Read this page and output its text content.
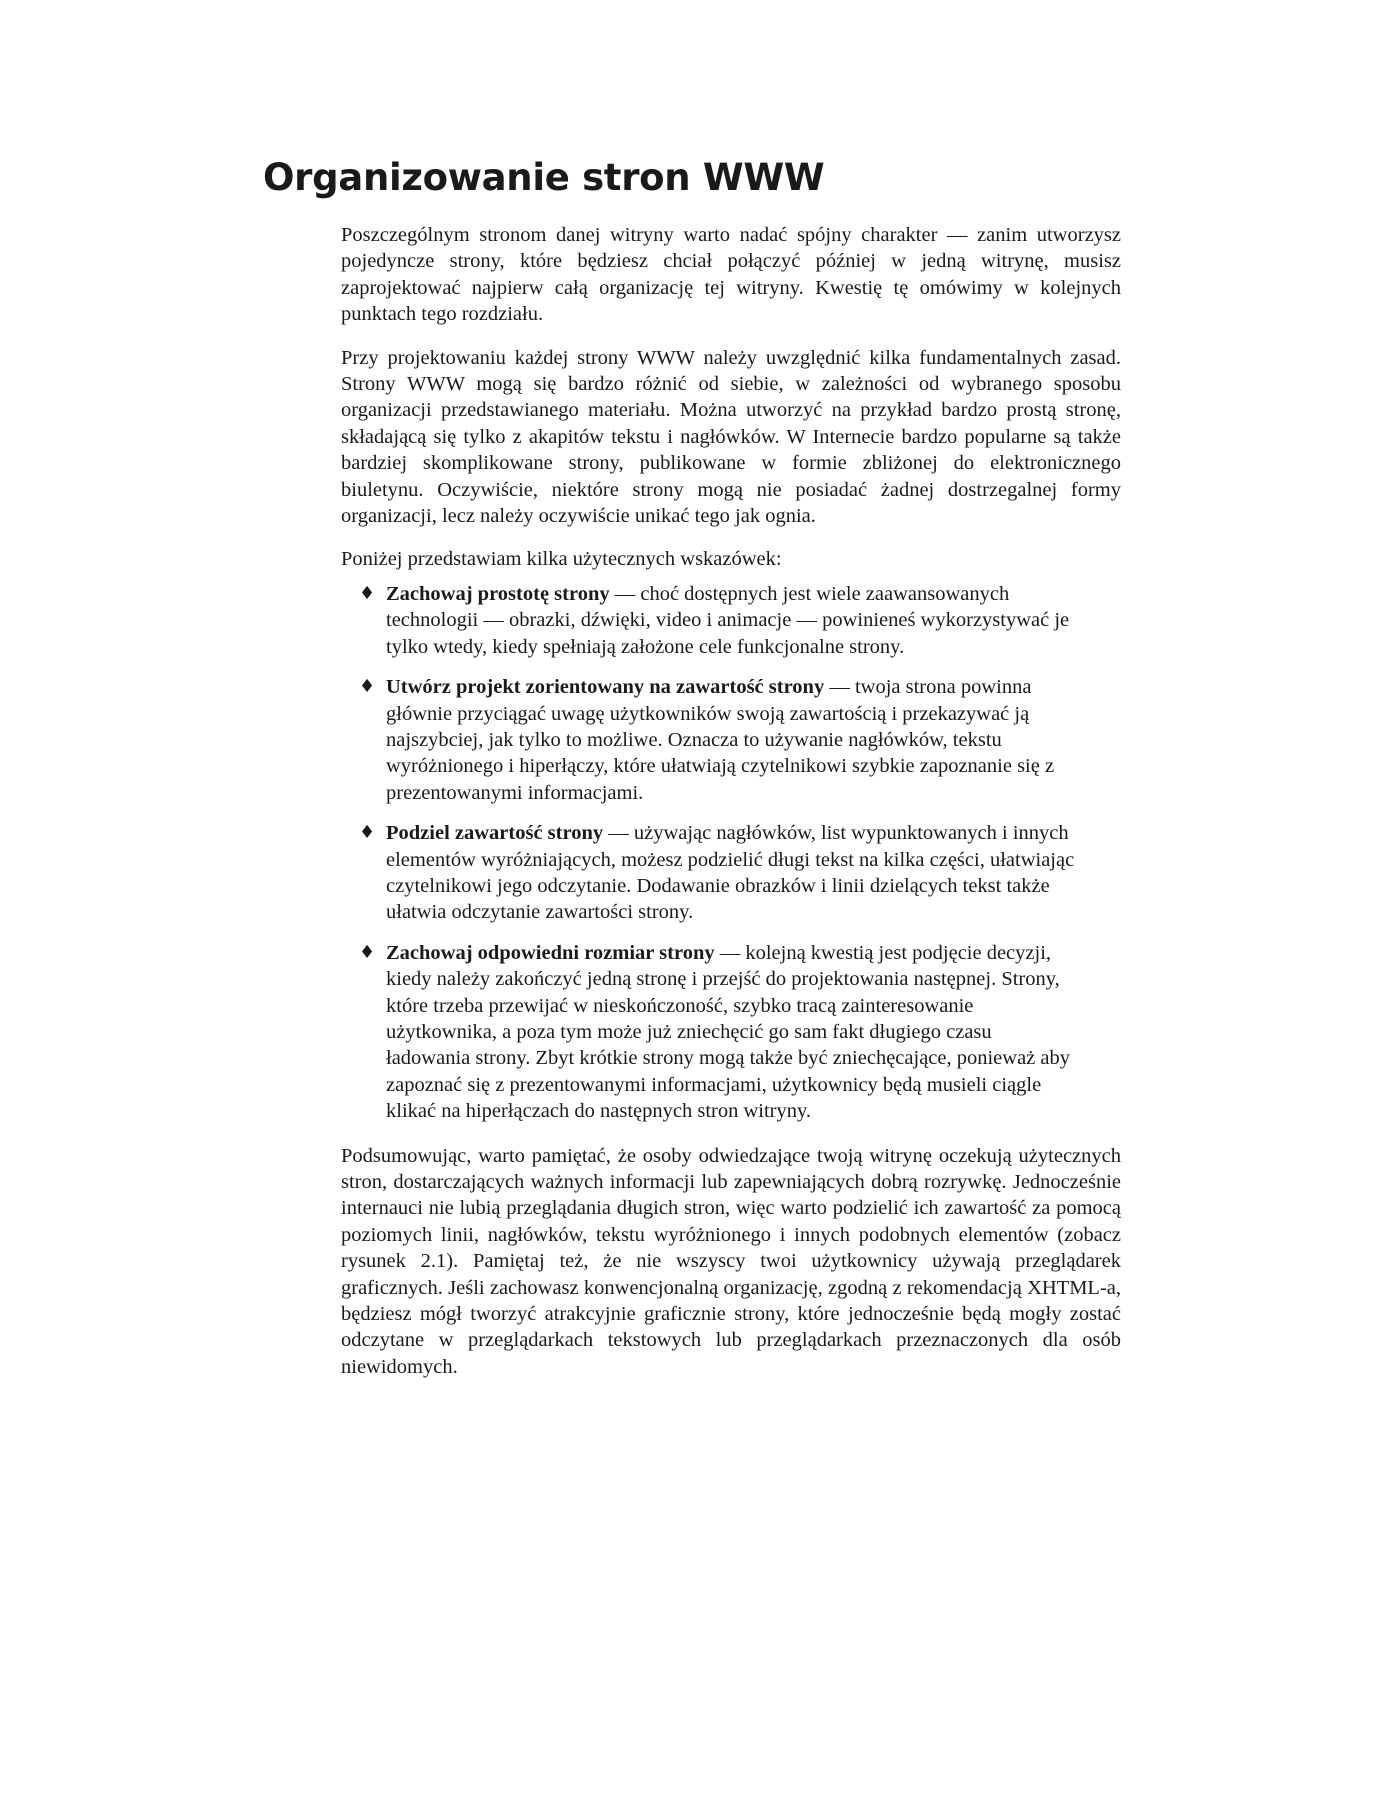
Organizowanie stron WWW

Poszczególnym stronom danej witryny warto nadać spójny charakter — zanim utworzysz pojedyncze strony, które będziesz chciał połączyć później w jedną witrynę, musisz zaprojektować najpierw całą organizację tej witryny. Kwestię tę omówimy w kolejnych punktach tego rozdziału.

Przy projektowaniu każdej strony WWW należy uwzględnić kilka fundamentalnych zasad. Strony WWW mogą się bardzo różnić od siebie, w zależności od wybranego sposobu organizacji przedstawianego materiału. Można utworzyć na przykład bardzo prostą stronę, składającą się tylko z akapitów tekstu i nagłówków. W Internecie bardzo popularne są także bardziej skomplikowane strony, publikowane w formie zbliżonej do elektronicznego biuletynu. Oczywiście, niektóre strony mogą nie posiadać żadnej dostrzegalnej formy organizacji, lecz należy oczywiście unikać tego jak ognia.

Poniżej przedstawiam kilka użytecznych wskazówek:

♦ Zachowaj prostotę strony — choć dostępnych jest wiele zaawansowanych technologii — obrazki, dźwięki, video i animacje — powinieneś wykorzystywać je tylko wtedy, kiedy spełniają założone cele funkcjonalne strony.
♦ Utwórz projekt zorientowany na zawartość strony — twoja strona powinna głównie przyciągać uwagę użytkowników swoją zawartością i przekazywać ją najszybciej, jak tylko to możliwe. Oznacza to używanie nagłówków, tekstu wyróżnionego i hiperłączy, które ułatwiają czytelnikowi szybkie zapoznanie się z prezentowanymi informacjami.
♦ Podziel zawartość strony — używając nagłówków, list wypunktowanych i innych elementów wyróżniających, możesz podzielić długi tekst na kilka części, ułatwiając czytelnikowi jego odczytanie. Dodawanie obrazków i linii dzielących tekst także ułatwia odczytanie zawartości strony.
♦ Zachowaj odpowiedni rozmiar strony — kolejną kwestią jest podjęcie decyzji, kiedy należy zakończyć jedną stronę i przejść do projektowania następnej. Strony, które trzeba przewijać w nieskończoność, szybko tracą zainteresowanie użytkownika, a poza tym może już zniechęcić go sam fakt długiego czasu ładowania strony. Zbyt krótkie strony mogą także być zniechęcające, ponieważ aby zapoznać się z prezentowanymi informacjami, użytkownicy będą musieli ciągle klikać na hiperłączach do następnych stron witryny.

Podsumowując, warto pamiętać, że osoby odwiedzające twoją witrynę oczekują użytecznych stron, dostarczających ważnych informacji lub zapewniających dobrą rozrywkę. Jednocześnie internauci nie lubią przeglądania długich stron, więc warto podzielić ich zawartość za pomocą poziomych linii, nagłówków, tekstu wyróżnionego i innych podobnych elementów (zobacz rysunek 2.1). Pamiętaj też, że nie wszyscy twoi użytkownicy używają przeglądarek graficznych. Jeśli zachowasz konwencjonalną organizację, zgodną z rekomendacją XHTML-a, będziesz mógł tworzyć atrakcyjnie graficznie strony, które jednocześnie będą mogły zostać odczytane w przeglądarkach tekstowych lub przeglądarkach przeznaczonych dla osób niewidomych.
